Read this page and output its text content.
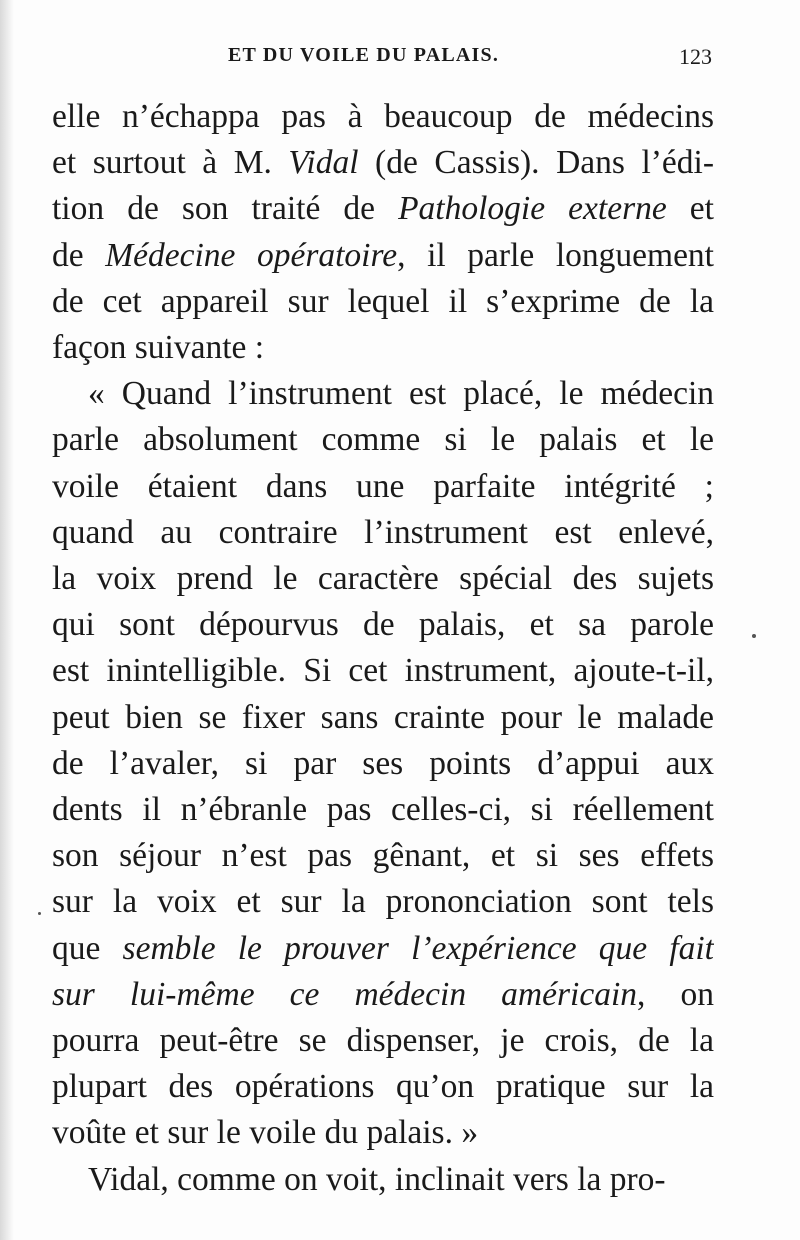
ET DU VOILE DU PALAIS.	123
elle n’échappa pas à beaucoup de médecins
et surtout à M. Vidal (de Cassis). Dans l’édi-
tion de son traité de Pathologie externe et
de Médecine opératoire, il parle longuement
de cet appareil sur lequel il s’exprime de la
façon suivante :
« Quand l’instrument est placé, le médecin
parle absolument comme si le palais et le
voile étaient dans une parfaite intégrité ;
quand au contraire l’instrument est enlevé,
la voix prend le caractère spécial des sujets
qui sont dépourvus de palais, et sa parole
est inintelligible. Si cet instrument, ajoute-t-il,
peut bien se fixer sans crainte pour le malade
de l’avaler, si par ses points d’appui aux
dents il n’ébranle pas celles-ci, si réellement
son séjour n’est pas gênant, et si ses effets
sur la voix et sur la prononciation sont tels
que semble le prouver l’expérience que fait
sur lui-même ce médecin américain, on
pourra peut-être se dispenser, je crois, de la
plupart des opérations qu’on pratique sur la
voûte et sur le voile du palais. »
Vidal, comme on voit, inclinait vers la pro-
